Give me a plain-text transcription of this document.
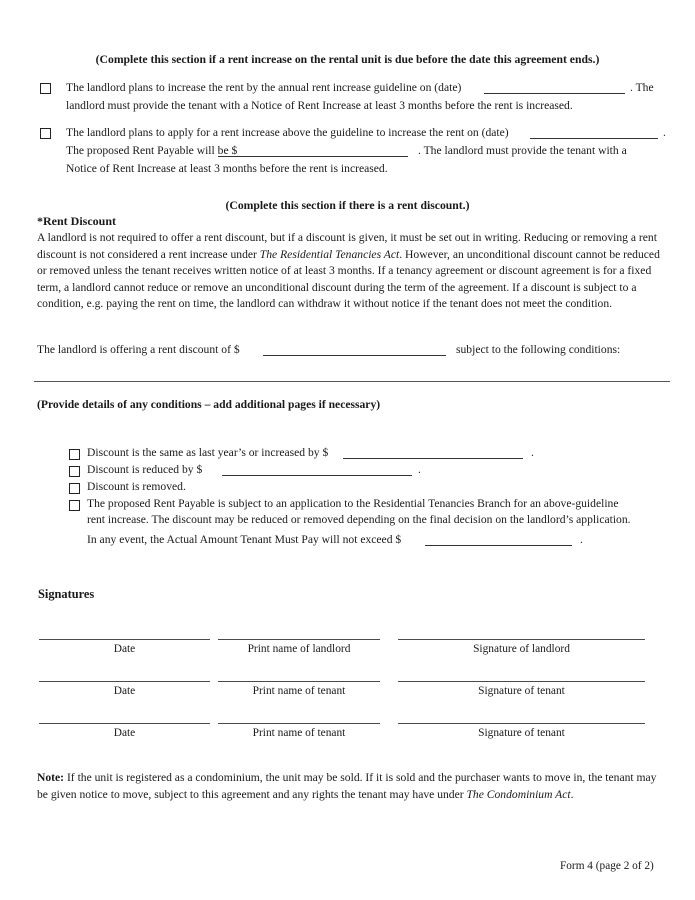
(Complete this section if a rent increase on the rental unit is due before the date this agreement ends.)
The landlord plans to increase the rent by the annual rent increase guideline on (date)	. The
landlord must provide the tenant with a Notice of Rent Increase at least 3 months before the rent is increased.
The landlord plans to apply for a rent increase above the guideline to increase the rent on (date)	.
The proposed Rent Payable will be $	. The landlord must provide the tenant with a
Notice of Rent Increase at least 3 months before the rent is increased.
(Complete this section if there is a rent discount.)
*Rent Discount
A landlord is not required to offer a rent discount, but if a discount is given, it must be set out in writing. Reducing or removing a rent discount is not considered a rent increase under The Residential Tenancies Act. However, an unconditional discount cannot be reduced or removed unless the tenant receives written notice of at least 3 months. If a tenancy agreement or discount agreement is for a fixed term, a landlord cannot reduce or remove an unconditional discount during the term of the agreement. If a discount is subject to a condition, e.g. paying the rent on time, the landlord can withdraw it without notice if the tenant does not meet the condition.
The landlord is offering a rent discount of $	subject to the following conditions:
(Provide details of any conditions – add additional pages if necessary)
Discount is the same as last year’s or increased by $	.
Discount is reduced by $	.
Discount is removed.
The proposed Rent Payable is subject to an application to the Residential Tenancies Branch for an above-guideline
rent increase. The discount may be reduced or removed depending on the final decision on the landlord’s application.
In any event, the Actual Amount Tenant Must Pay will not exceed $	.
Signatures
Date	Print name of landlord	Signature of landlord
Date	Print name of tenant	Signature of tenant
Date	Print name of tenant	Signature of tenant
Note: If the unit is registered as a condominium, the unit may be sold. If it is sold and the purchaser wants to move in, the tenant may be given notice to move, subject to this agreement and any rights the tenant may have under The Condominium Act.
Form 4 (page 2 of 2)
